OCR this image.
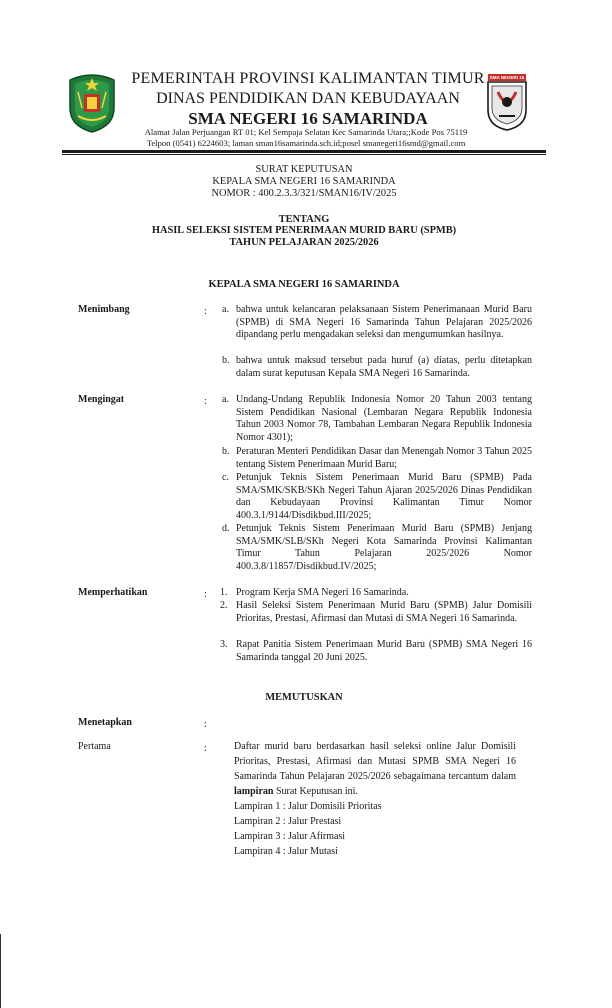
PEMERINTAH PROVINSI KALIMANTAN TIMUR
DINAS PENDIDIKAN DAN KEBUDAYAAN
SMA NEGERI 16 SAMARINDA
Alamat Jalan Perjuangan RT 01; Kel Sempaja Selatan Kec Samarinda Utara;;Kode Pos 75119
Telpon (0541) 6224603; laman sman16samarinda.sch.id;posel smanegeri16smd@gmail.com
SMA NEGERI 16
SURAT KEPUTUSAN
KEPALA SMA NEGERI 16 SAMARINDA
NOMOR : 400.2.3.3/321/SMAN16/IV/2025
TENTANG
HASIL SELEKSI SISTEM PENERIMAAN MURID BARU (SPMB)
TAHUN PELAJARAN 2025/2026
KEPALA SMA NEGERI 16 SAMARINDA
Menimbang	: a. bahwa untuk kelancaran pelaksanaan Sistem Penerimanaan Murid Baru (SPMB) di SMA Negeri 16 Samarinda Tahun Pelajaran 2025/2026 dipandang perlu mengadakan seleksi dan mengumumkan hasilnya.
b. bahwa untuk maksud tersebut pada huruf (a) diatas, perlu ditetapkan dalam surat keputusan Kepala SMA Negeri 16 Samarinda.
Mengingat	: a. Undang-Undang Republik Indonesia Nomor 20 Tahun 2003 tentang Sistem Pendidikan Nasional (Lembaran Negara Republik Indonesia Tahun 2003 Nomor 78, Tambahan Lembaran Negara Republik Indonesia Nomor 4301);
b. Peraturan Menteri Pendidikan Dasar dan Menengah Nomor 3 Tahun 2025 tentang Sistem Penerimaan Murid Baru;
c. Petunjuk Teknis Sistem Penerimaan Murid Baru (SPMB) Pada SMA/SMK/SKB/SKh Negeri Tahun Ajaran 2025/2026 Dinas Pendidikan dan Kebudayaan Provinsi Kalimantan Timur Nomor 400.3.1/9144/Disdikbud.III/2025;
d. Petunjuk Teknis Sistem Penerimaan Murid Baru (SPMB) Jenjang SMA/SMK/SLB/SKh Negeri Kota Samarinda Provinsi Kalimantan Timur Tahun Pelajaran 2025/2026 Nomor 400.3.8/11857/Disdikbud.IV/2025;
Memperhatikan	: 1. Program Kerja SMA Negeri 16 Samarinda.
2. Hasil Seleksi Sistem Penerimaan Murid Baru (SPMB) Jalur Domisili Prioritas, Prestasi, Afirmasi dan Mutasi di SMA Negeri 16 Samarinda.
3. Rapat Panitia Sistem Penerimaan Murid Baru (SPMB) SMA Negeri 16 Samarinda tanggal 20 Juni 2025.
MEMUTUSKAN
Menetapkan	:
Pertama	:	Daftar murid baru berdasarkan hasil seleksi online Jalur Domisili Prioritas, Prestasi, Afirmasi dan Mutasi SPMB SMA Negeri 16 Samarinda Tahun Pelajaran 2025/2026 sebagaimana tercantum dalam lampiran Surat Keputusan ini.
Lampiran 1 : Jalur Domisili Prioritas
Lampiran 2 : Jalur Prestasi
Lampiran 3 : Jalur Afirmasi
Lampiran 4 : Jalur Mutasi
